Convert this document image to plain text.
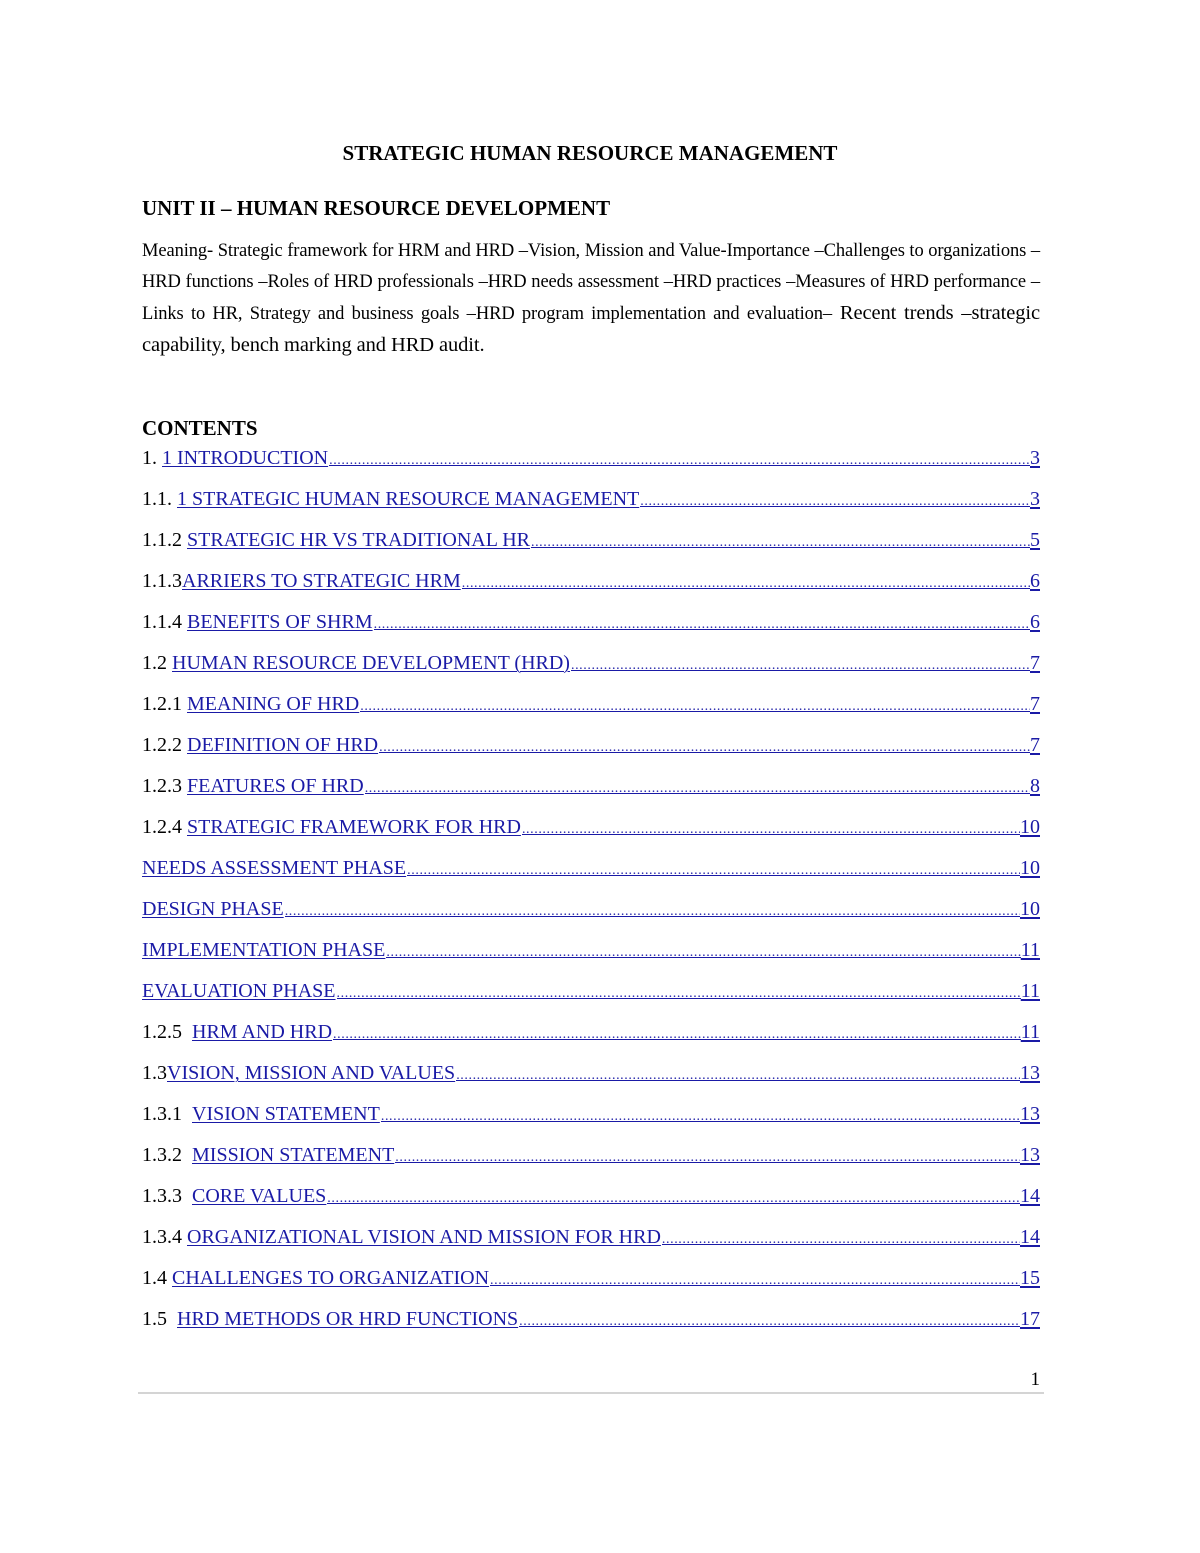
STRATEGIC HUMAN RESOURCE MANAGEMENT
UNIT II – HUMAN RESOURCE DEVELOPMENT
Meaning- Strategic framework for HRM and HRD –Vision, Mission and Value-Importance –Challenges to organizations –HRD functions –Roles of HRD professionals –HRD needs assessment –HRD practices –Measures of HRD performance – Links to HR, Strategy and business goals –HRD program implementation and evaluation– Recent trends –strategic capability, bench marking and HRD audit.
CONTENTS
1. 1 INTRODUCTION .....	3
1.1. 1 STRATEGIC HUMAN RESOURCE MANAGEMENT .....	3
1.1.2 STRATEGIC HR VS TRADITIONAL HR .....	5
1.1.3 ARRIERS TO STRATEGIC HRM .....	6
1.1.4 BENEFITS OF SHRM .....	6
1.2 HUMAN RESOURCE DEVELOPMENT (HRD) .....	7
1.2.1 MEANING OF HRD .....	7
1.2.2 DEFINITION OF HRD .....	7
1.2.3 FEATURES OF HRD .....	8
1.2.4 STRATEGIC FRAMEWORK FOR HRD .....	10
NEEDS ASSESSMENT PHASE .....	10
DESIGN PHASE .....	10
IMPLEMENTATION PHASE .....	11
EVALUATION PHASE .....	11
1.2.5 HRM AND HRD .....	11
1.3 VISION, MISSION AND VALUES .....	13
1.3.1 VISION STATEMENT .....	13
1.3.2 MISSION STATEMENT .....	13
1.3.3 CORE VALUES .....	14
1.3.4 ORGANIZATIONAL VISION AND MISSION FOR HRD .....	14
1.4 CHALLENGES TO ORGANIZATION .....	15
1.5 HRD METHODS OR HRD FUNCTIONS .....	17
1
